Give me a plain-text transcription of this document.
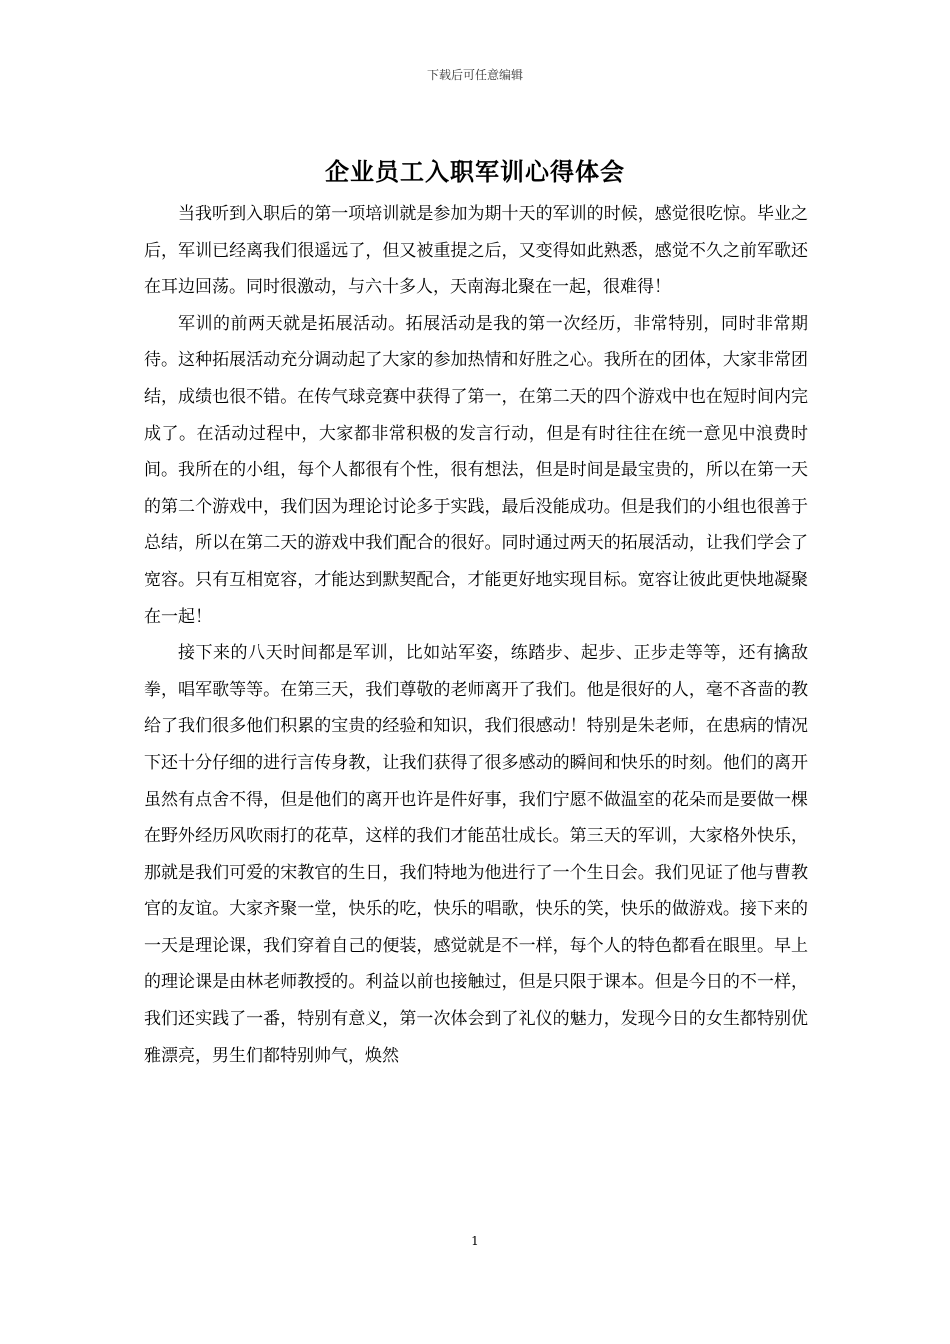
下载后可任意编辑
企业员工入职军训心得体会

当我听到入职后的第一项培训就是参加为期十天的军训的时候，感觉很吃惊。毕业之后，军训已经离我们很遥远了，但又被重提之后，又变得如此熟悉，感觉不久之前军歌还在耳边回荡。同时很激动，与六十多人，天南海北聚在一起，很难得！

军训的前两天就是拓展活动。拓展活动是我的第一次经历，非常特别，同时非常期待。这种拓展活动充分调动起了大家的参加热情和好胜之心。我所在的团体，大家非常团结，成绩也很不错。在传气球竞赛中获得了第一，在第二天的四个游戏中也在短时间内完成了。在活动过程中，大家都非常积极的发言行动，但是有时往往在统一意见中浪费时间。我所在的小组，每个人都很有个性，很有想法，但是时间是最宝贵的，所以在第一天的第二个游戏中，我们因为理论讨论多于实践，最后没能成功。但是我们的小组也很善于总结，所以在第二天的游戏中我们配合的很好。同时通过两天的拓展活动，让我们学会了宽容。只有互相宽容，才能达到默契配合，才能更好地实现目标。宽容让彼此更快地凝聚在一起！

接下来的八天时间都是军训，比如站军姿，练踏步、起步、正步走等等，还有擒敌拳，唱军歌等等。在第三天，我们尊敬的老师离开了我们。他是很好的人，毫不吝啬的教给了我们很多他们积累的宝贵的经验和知识，我们很感动！特别是朱老师，在患病的情况下还十分仔细的进行言传身教，让我们获得了很多感动的瞬间和快乐的时刻。他们的离开虽然有点舍不得，但是他们的离开也许是件好事，我们宁愿不做温室的花朵而是要做一棵在野外经历风吹雨打的花草，这样的我们才能茁壮成长。第三天的军训，大家格外快乐，那就是我们可爱的宋教官的生日，我们特地为他进行了一个生日会。我们见证了他与曹教官的友谊。大家齐聚一堂，快乐的吃，快乐的唱歌，快乐的笑，快乐的做游戏。接下来的一天是理论课，我们穿着自己的便装，感觉就是不一样，每个人的特色都看在眼里。早上的理论课是由林老师教授的。利益以前也接触过，但是只限于课本。但是今日的不一样，我们还实践了一番，特别有意义，第一次体会到了礼仪的魅力，发现今日的女生都特别优雅漂亮，男生们都特别帅气，焕然

1
